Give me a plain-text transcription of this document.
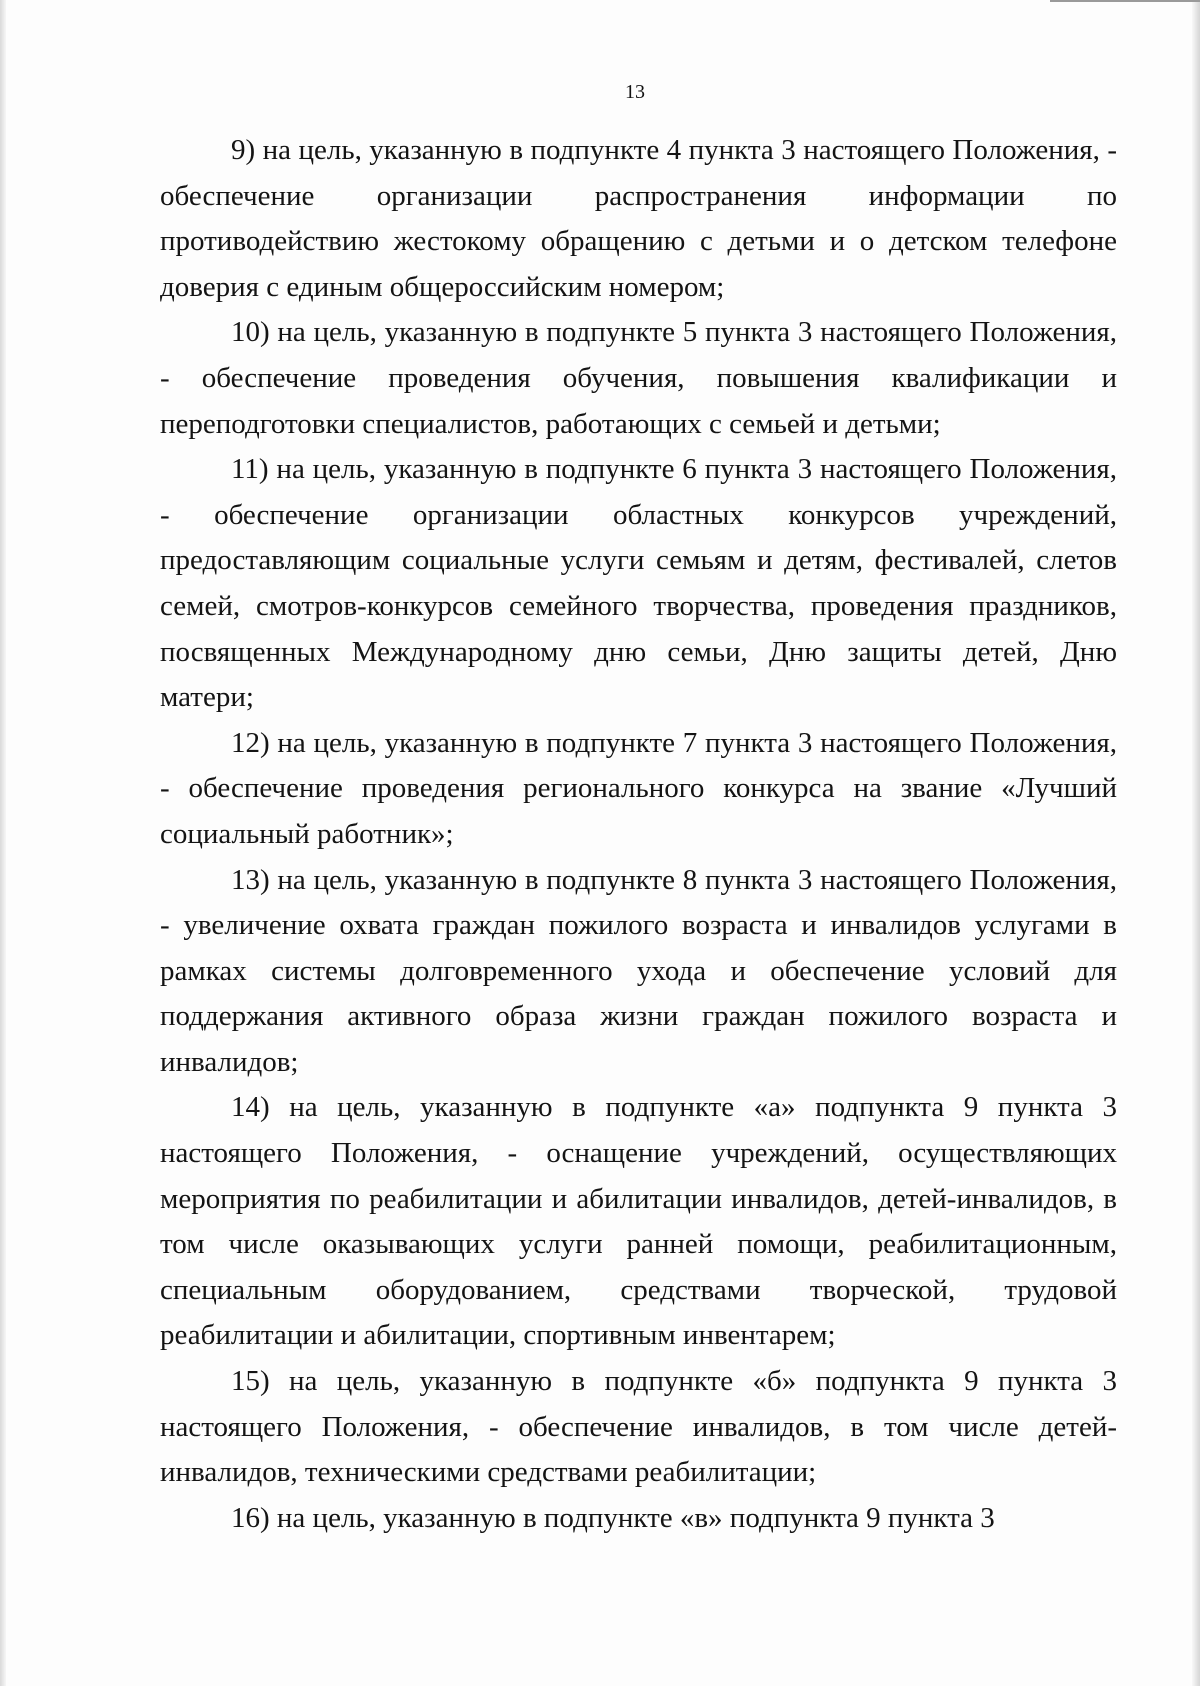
13

9) на цель, указанную в подпункте 4 пункта 3 настоящего Положения, - обеспечение организации распространения информации по противодействию жестокому обращению с детьми и о детском телефоне доверия с единым общероссийским номером;

10) на цель, указанную в подпункте 5 пункта 3 настоящего Положения, - обеспечение проведения обучения, повышения квалификации и переподготовки специалистов, работающих с семьей и детьми;

11) на цель, указанную в подпункте 6 пункта 3 настоящего Положения, - обеспечение организации областных конкурсов учреждений, предоставляющим социальные услуги семьям и детям, фестивалей, слетов семей, смотров-конкурсов семейного творчества, проведения праздников, посвященных Международному дню семьи, Дню защиты детей, Дню матери;

12) на цель, указанную в подпункте 7 пункта 3 настоящего Положения, - обеспечение проведения регионального конкурса на звание «Лучший социальный работник»;

13) на цель, указанную в подпункте 8 пункта 3 настоящего Положения, - увеличение охвата граждан пожилого возраста и инвалидов услугами в рамках системы долговременного ухода и обеспечение условий для поддержания активного образа жизни граждан пожилого возраста и инвалидов;

14) на цель, указанную в подпункте «а» подпункта 9 пункта 3 настоящего Положения, - оснащение учреждений, осуществляющих мероприятия по реабилитации и абилитации инвалидов, детей-инвалидов, в том числе оказывающих услуги ранней помощи, реабилитационным, специальным оборудованием, средствами творческой, трудовой реабилитации и абилитации, спортивным инвентарем;

15) на цель, указанную в подпункте «б» подпункта 9 пункта 3 настоящего Положения, - обеспечение инвалидов, в том числе детей-инвалидов, техническими средствами реабилитации;

16) на цель, указанную в подпункте «в» подпункта 9 пункта 3
